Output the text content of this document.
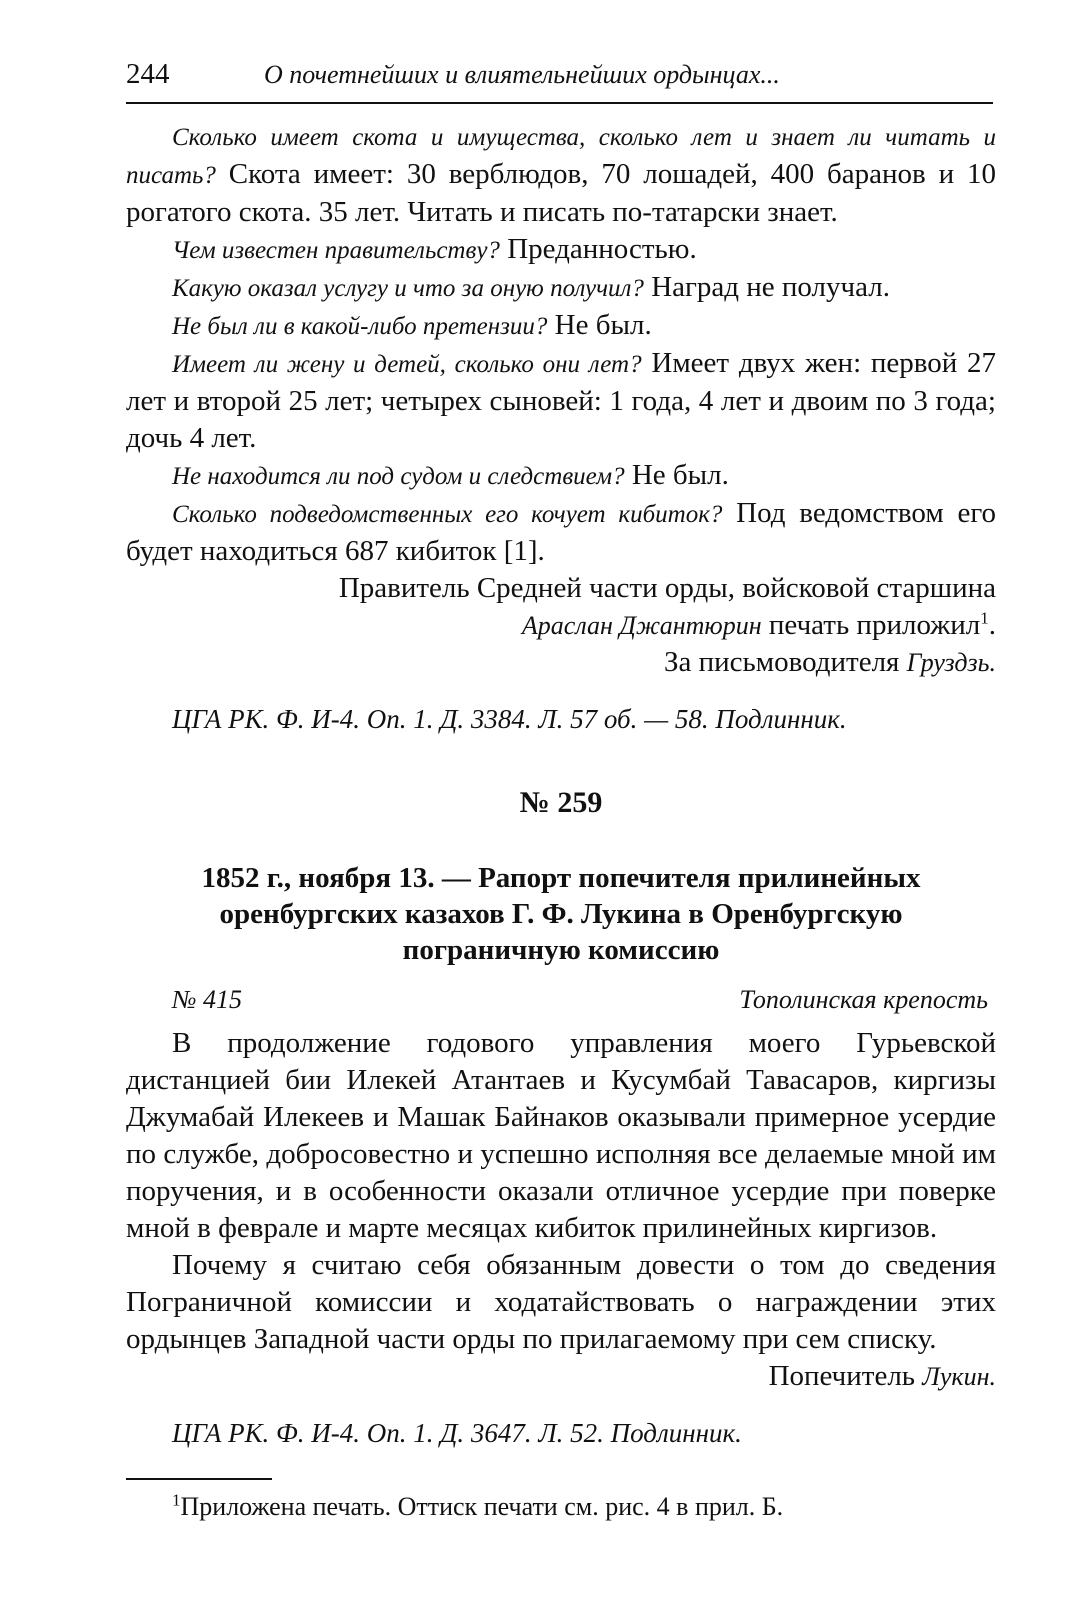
244	О почетнейших и влиятельнейших ордынцах...

Сколько имеет скота и имущества, сколько лет и знает ли читать и писать? Скота имеет: 30 верблюдов, 70 лошадей, 400 баранов и 10 рогатого скота. 35 лет. Читать и писать по-татарски знает.

Чем известен правительству? Преданностью.

Какую оказал услугу и что за оную получил? Наград не получал.

Не был ли в какой-либо претензии? Не был.

Имеет ли жену и детей, сколько они лет? Имеет двух жен: первой 27 лет и второй 25 лет; четырех сыновей: 1 года, 4 лет и двоим по 3 года; дочь 4 лет.

Не находится ли под судом и следствием? Не был.

Сколько подведомственных его кочует кибиток? Под ведомством его будет находиться 687 кибиток [1].

Правитель Средней части орды, войсковой старшина

Араслан Джантюрин печать приложил$^1$.

За письмоводителя Груздзь.

ЦГА РК. Ф. И-4. Оп. 1. Д. 3384. Л. 57 об. — 58. Подлинник.

№ 259

1852 г., ноября 13. — Рапорт попечителя прилинейных оренбургских казахов Г. Ф. Лукина в Оренбургскую пограничную комиссию

№ 415	Тополинская крепость

В продолжение годового управления моего Гурьевской дистанцией бии Илекей Атантаев и Кусумбай Тавасаров, киргизы Джумабай Илекеев и Машак Байнаков оказывали примерное усердие по службе, добросовестно и успешно исполняя все делаемые мной им поручения, и в особенности оказали отличное усердие при поверке мной в феврале и марте месяцах кибиток прилинейных киргизов.

Почему я считаю себя обязанным довести о том до сведения Пограничной комиссии и ходатайствовать о награждении этих ордынцев Западной части орды по прилагаемому при сем списку.

Попечитель Лукин.

ЦГА РК. Ф. И-4. Оп. 1. Д. 3647. Л. 52. Подлинник.

$^1$Приложена печать. Оттиск печати см. рис. 4 в прил. Б.
